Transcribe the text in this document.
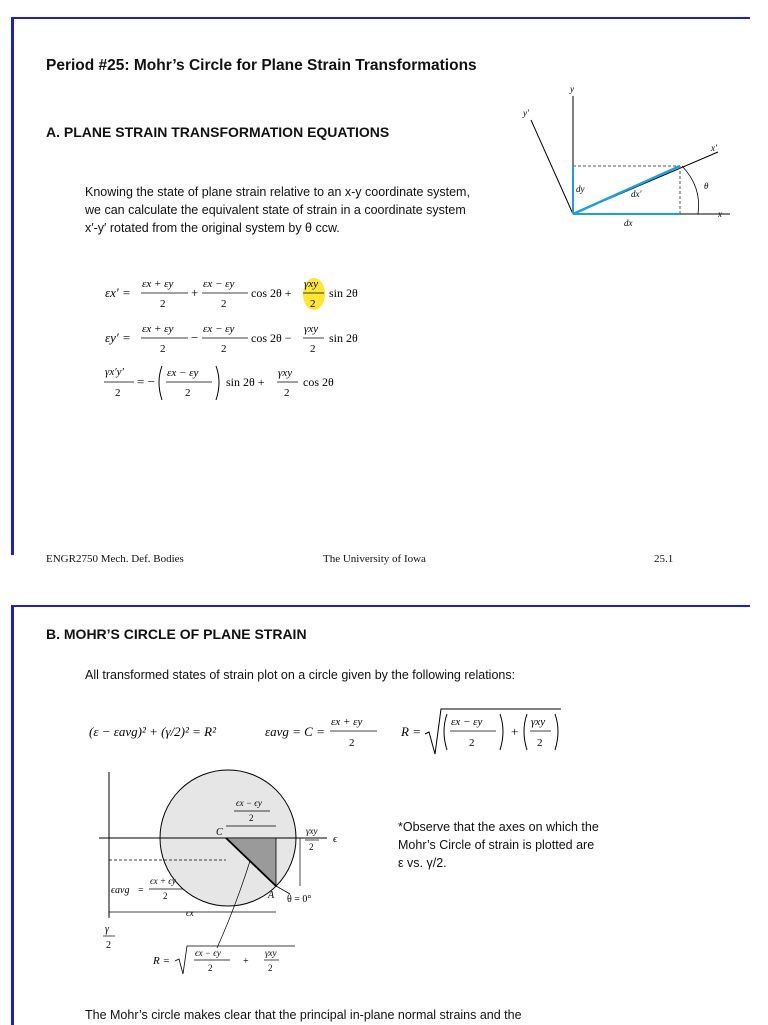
Period #25: Mohr’s Circle for Plane Strain Transformations
A. PLANE STRAIN TRANSFORMATION EQUATIONS
Knowing the state of plane strain relative to an x-y coordinate system,
we can calculate the equivalent state of strain in a coordinate system
x′-y′ rotated from the original system by θ ccw.
y
x
y′
x′
dy
dx
dx′
θ
εx′ =
εx + εy
2
+
εx − εy
2
cos 2θ +
γxy
2
sin 2θ
εy′ =
εx + εy
2
−
εx − εy
2
cos 2θ −
γxy
2
sin 2θ
γx′y′
2
= −
εx − εy
2
sin 2θ +
γxy
2
cos 2θ
ENGR2750 Mech. Def. Bodies	The University of Iowa	25.1
B. MOHR’S CIRCLE OF PLANE STRAIN
All transformed states of strain plot on a circle given by the following relations:
(ε − εavg)² + (γ/2)² = R²	εavg = C =
εx + εy
2
R =
εx − εy
2
+
γxy
2
ϵ
C
A θ = 0°
ϵx − ϵy
2
γxy
2
ϵavg =
ϵx + ϵy
2
ϵx
γ
2
R =
ϵx − ϵy
2
+
γxy
2
*Observe that the axes on which the
Mohr’s Circle of strain is plotted are
ε vs. γ/2.
The Mohr’s circle makes clear that the principal in-plane normal strains and the
